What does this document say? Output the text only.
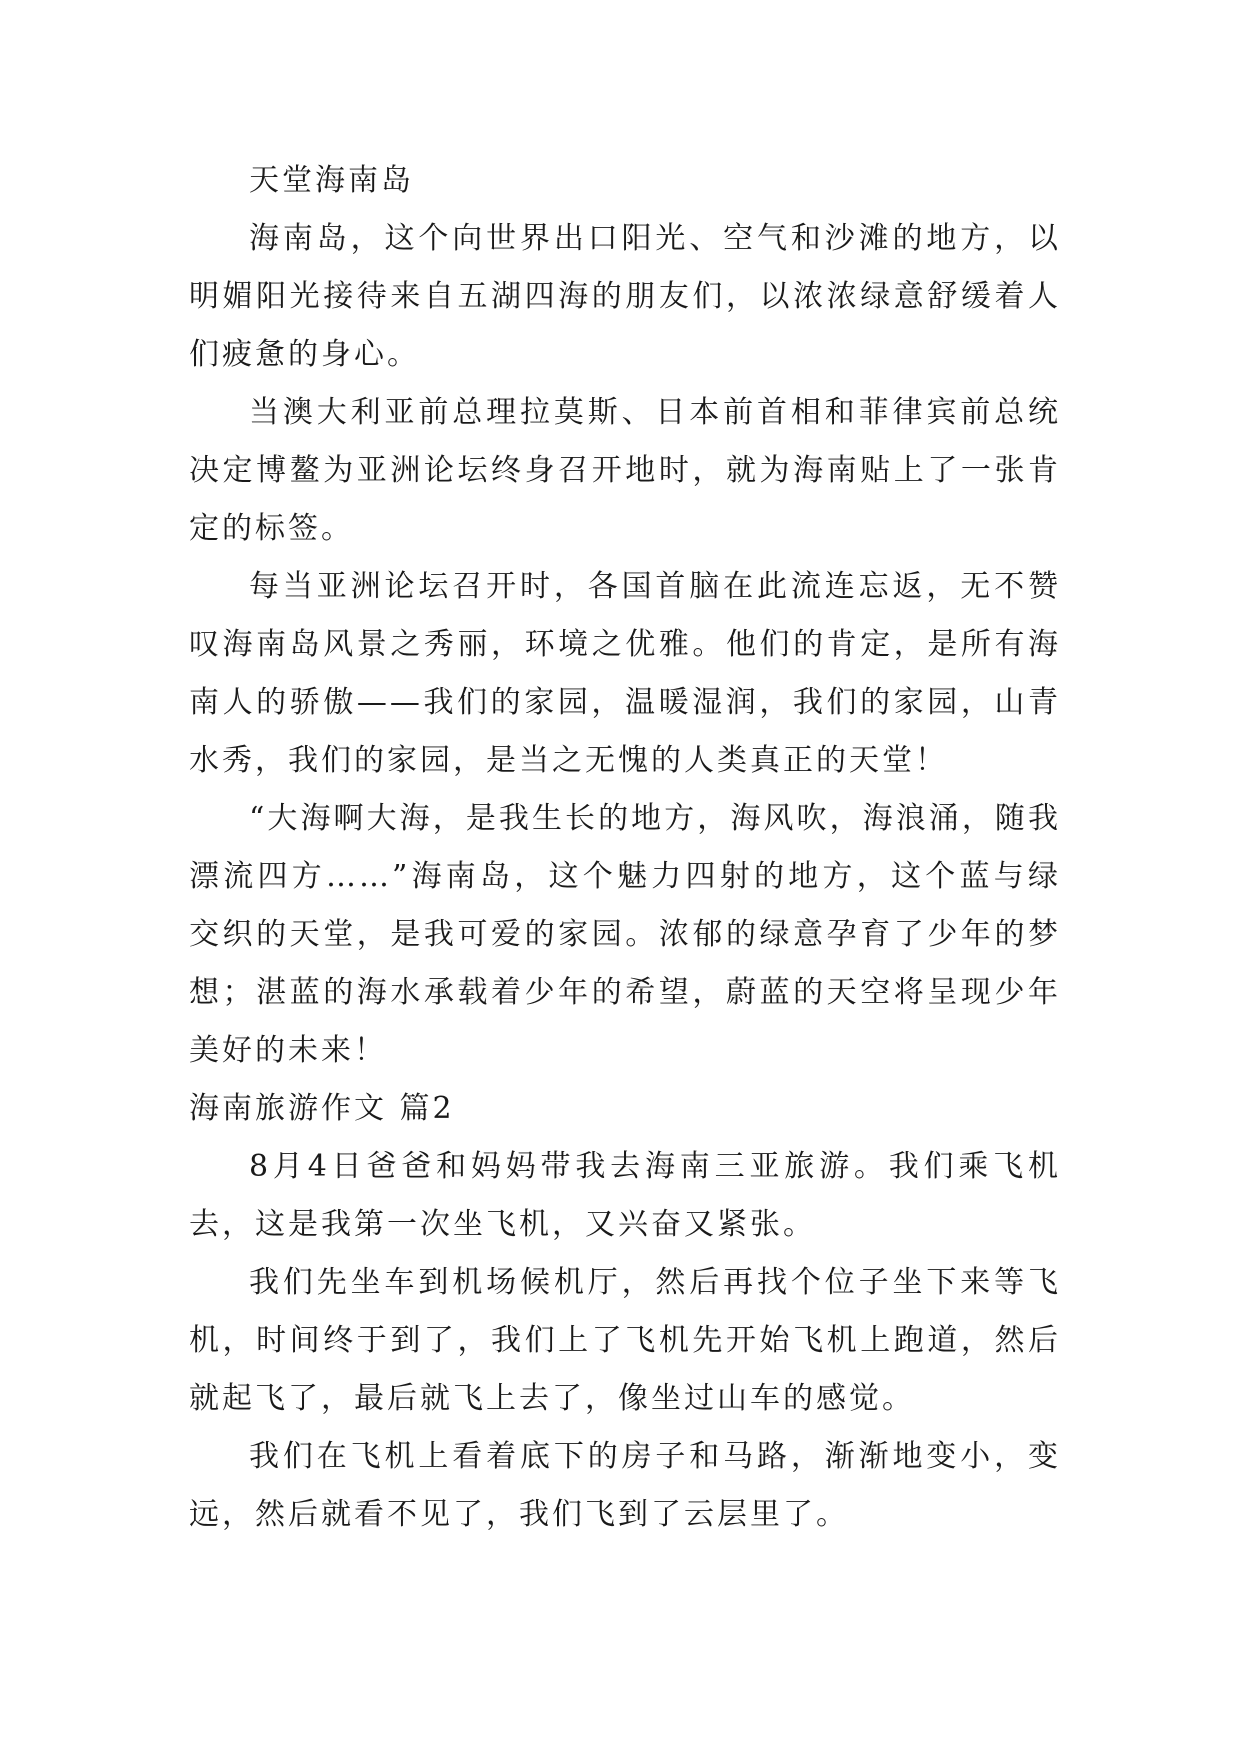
天堂海南岛

海南岛，这个向世界出口阳光、空气和沙滩的地方，以明媚阳光接待来自五湖四海的朋友们，以浓浓绿意舒缓着人们疲惫的身心。

当澳大利亚前总理拉莫斯、日本前首相和菲律宾前总统决定博鳌为亚洲论坛终身召开地时，就为海南贴上了一张肯定的标签。

每当亚洲论坛召开时，各国首脑在此流连忘返，无不赞叹海南岛风景之秀丽，环境之优雅。他们的肯定，是所有海南人的骄傲——我们的家园，温暖湿润，我们的家园，山青水秀，我们的家园，是当之无愧的人类真正的天堂！

“大海啊大海，是我生长的地方，海风吹，海浪涌，随我漂流四方……”海南岛，这个魅力四射的地方，这个蓝与绿交织的天堂，是我可爱的家园。浓郁的绿意孕育了少年的梦想；湛蓝的海水承载着少年的希望，蔚蓝的天空将呈现少年美好的未来！

海南旅游作文 篇2

8月4日爸爸和妈妈带我去海南三亚旅游。我们乘飞机去，这是我第一次坐飞机，又兴奋又紧张。

我们先坐车到机场候机厅，然后再找个位子坐下来等飞机，时间终于到了，我们上了飞机先开始飞机上跑道，然后就起飞了，最后就飞上去了，像坐过山车的感觉。

我们在飞机上看着底下的房子和马路，渐渐地变小，变远，然后就看不见了，我们飞到了云层里了。
